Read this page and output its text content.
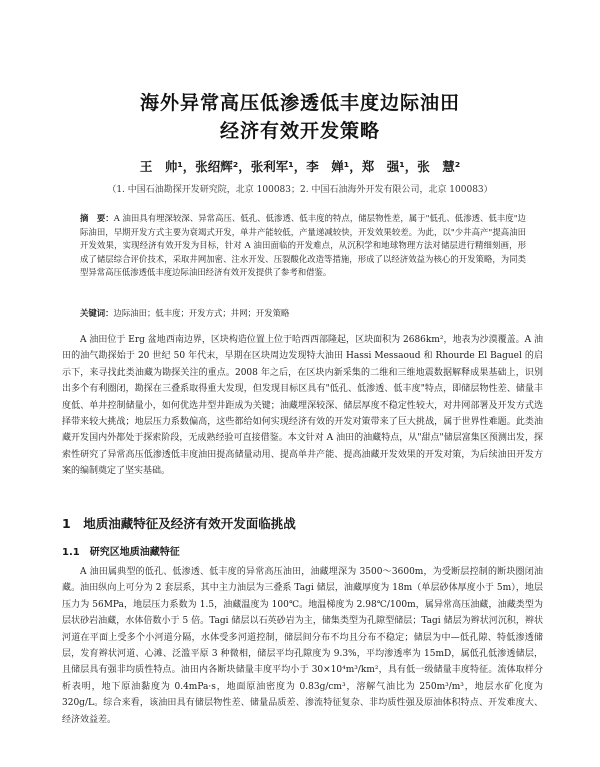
海外异常高压低渗透低丰度边际油田
经济有效开发策略
王　帅¹，张绍辉²，张利军¹，李　婵¹，郑　强¹，张　慧²
（1. 中国石油勘探开发研究院，北京 100083；2. 中国石油海外开发有限公司，北京 100083）
摘　要：A 油田具有埋深较深、异常高压、低孔、低渗透、低丰度的特点，储层物性差，属于"低孔、低渗透、低丰度"边际油田，早期开发方式主要为衰竭式开发，单井产能较低，产量递减较快，开发效果较差。为此，以"少井高产"提高油田开发效果，实现经济有效开发为目标，针对 A 油田面临的开发难点，从沉积学和地球物理方法对储层进行精细刻画，形成了储层综合评价技术，采取井网加密、注水开发、压裂酸化改造等措施，形成了以经济效益为核心的开发策略，为同类型异常高压低渗透低丰度边际油田经济有效开发提供了参考和借鉴。
关键词：边际油田；低丰度；开发方式；井网；开发策略
A 油田位于 Erg 盆地西南边界，区块构造位置上位于哈西西部隆起，区块面积为 2686km²，地表为沙漠覆盖。A 油田的油气勘探始于 20 世纪 50 年代末，早期在区块周边发现特大油田 Hassi Messaoud 和 Rhourde El Baguel 的启示下，来寻找此类油藏为勘探关注的重点。2008 年之后，在区块内新采集的二维和三维地震数据解释成果基础上，识别出多个有利圈闭，勘探在三叠系取得重大发现，但发现目标区具有"低孔、低渗透、低丰度"特点，即储层物性差、储量丰度低、单井控制储量小，如何优选井型井距成为关键；油藏埋深较深、储层厚度不稳定性较大，对井网部署及开发方式选择带来较大挑战；地层压力系数偏高，这些都给如何实现经济有效的开发对策带来了巨大挑战，属于世界性难题。此类油藏开发国内外都处于探索阶段，无成熟经验可直接借鉴。本文针对 A 油田的油藏特点，从"甜点"储层富集区预测出发，探索性研究了异常高压低渗透低丰度油田提高储量动用、提高单井产能、提高油藏开发效果的开发对策，为后续油田开发方案的编制奠定了坚实基础。
1　地质油藏特征及经济有效开发面临挑战
1.1　研究区地质油藏特征
A 油田属典型的低孔、低渗透、低丰度的异常高压油田，油藏埋深为 3500～3600m，为受断层控制的断块圈闭油藏。油田纵向上可分为 2 套层系，其中主力油层为三叠系 Tagi 储层，油藏厚度为 18m（单层砂体厚度小于 5m），地层压力为 56MPa，地层压力系数为 1.5，油藏温度为 100℃。地温梯度为 2.98℃/100m，属异常高压油藏，油藏类型为层状砂岩油藏，水体倍数小于 5 倍。Tagi 储层以石英砂岩为主，储集类型为孔隙型储层；Tagi 储层为辫状河沉积，辫状河道在平面上受多个小河道分隔，水体受多河道控制，储层间分布不均且分布不稳定；储层为中—低孔隙、特低渗透储层，发育辫状河道、心滩、泛滥平原 3 种微相，储层平均孔隙度为 9.3%，平均渗透率为 15mD，属低孔低渗透储层，且储层具有强非均质性特点。油田内各断块储量丰度平均小于 30×10⁴m³/km²，具有低一级储量丰度特征。流体取样分析表明，地下原油黏度为 0.4mPa·s，地面原油密度为 0.83g/cm³，溶解气油比为 250m³/m³，地层水矿化度为 320g/L。综合来看，该油田具有储层物性差、储量品质差、渗流特征复杂、非均质性强及原油体积特点、开发难度大、经济效益差。
